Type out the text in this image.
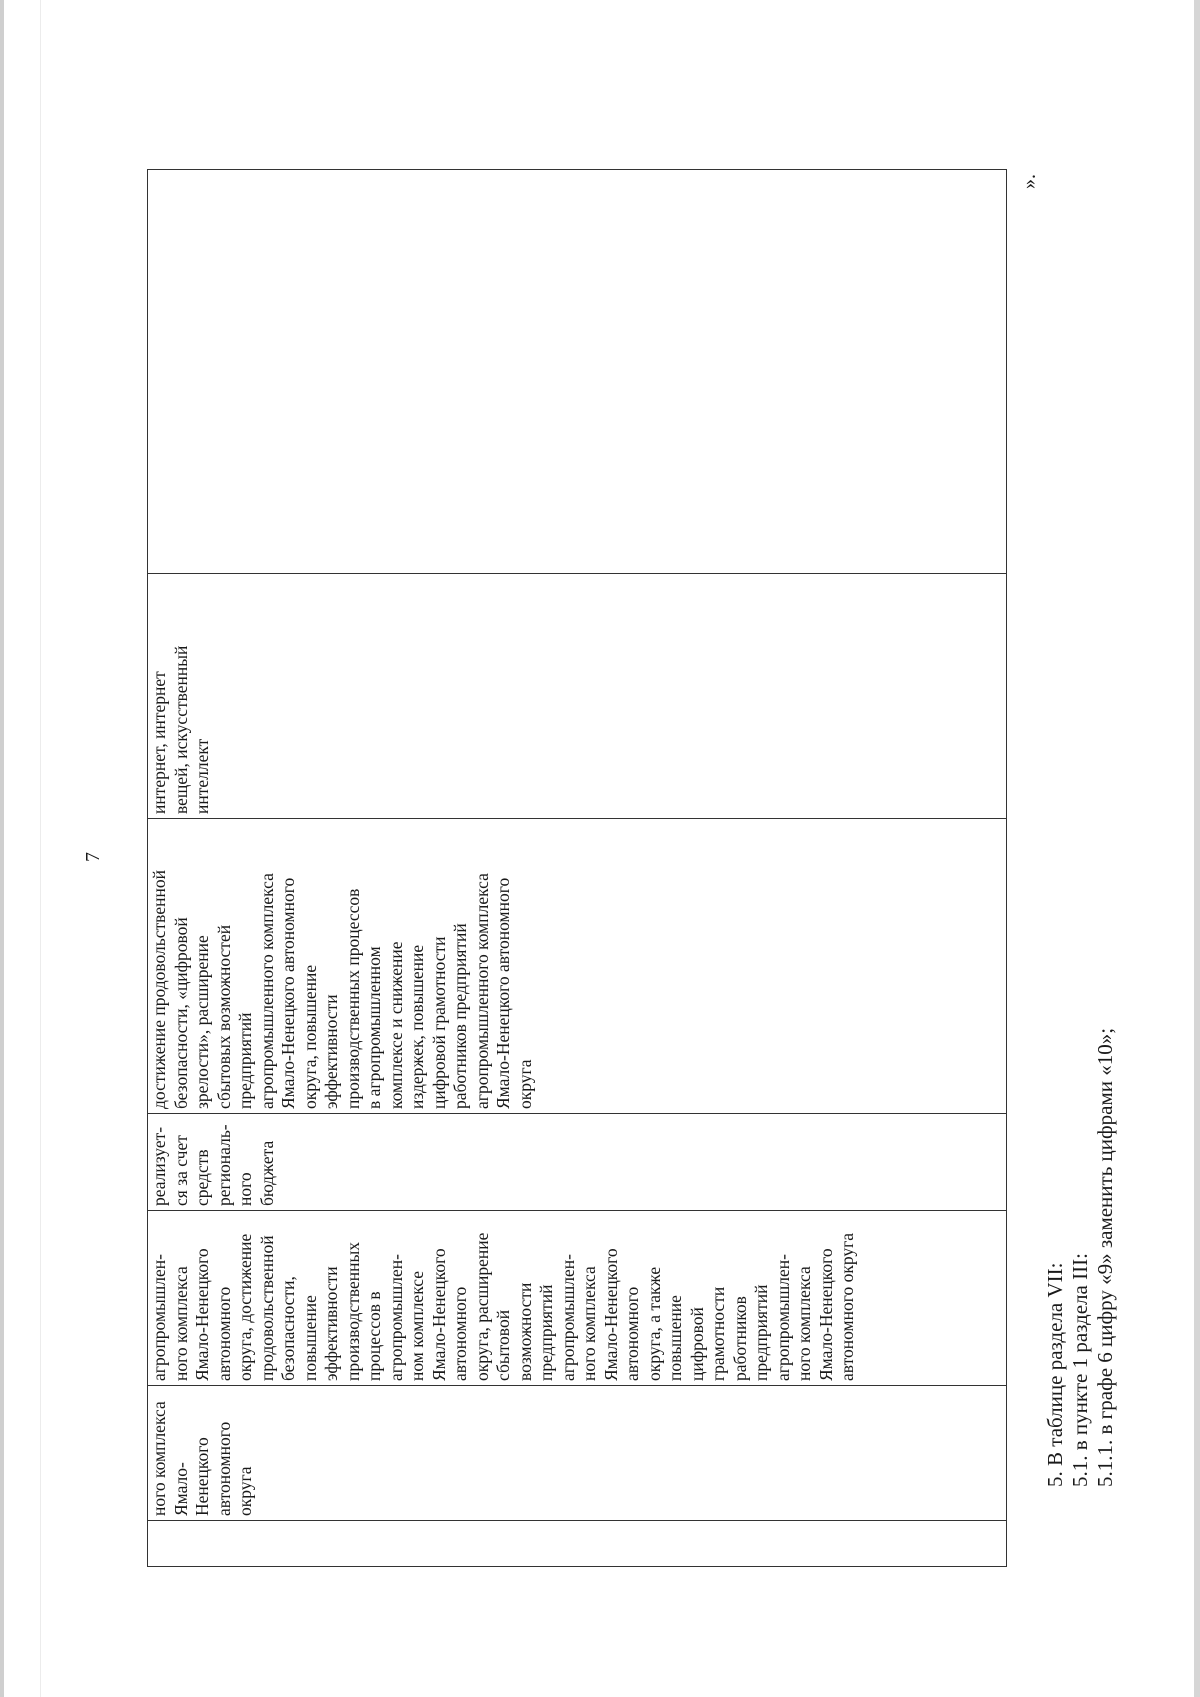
7
	ного комплекса
Ямало-
Ненецкого
автономного
округа	агропромышлен-
ного комплекса
Ямало-Ненецкого
автономного
округа, достижение
продовольственной
безопасности,
повышение
эффективности
производственных
процессов в
агропромышлен-
ном комплексе
Ямало-Ненецкого
автономного
округа, расширение
сбытовой
возможности
предприятий
агропромышлен-
ного комплекса
Ямало-Ненецкого
автономного
округа, а также
повышение
цифровой
грамотности
работников
предприятий
агропромышлен-
ного комплекса
Ямало-Ненецкого
автономного округа	реализует-
ся за счет
средств
региональ-
ного
бюджета	достижение продовольственной
безопасности, «цифровой
зрелости», расширение
сбытовых возможностей
предприятий
агропромышленного комплекса
Ямало-Ненецкого автономного
округа, повышение
эффективности
производственных процессов
в агропромышленном
комплексе и снижение
издержек, повышение
цифровой грамотности
работников предприятий
агропромышленного комплекса
Ямало-Ненецкого автономного
округа	интернет, интернет
вещей, искусственный
интеллект	
».
5. В таблице раздела VII: 5.1. в пункте 1 раздела III: 5.1.1. в графе 6 цифру «9» заменить цифрами «10»;
